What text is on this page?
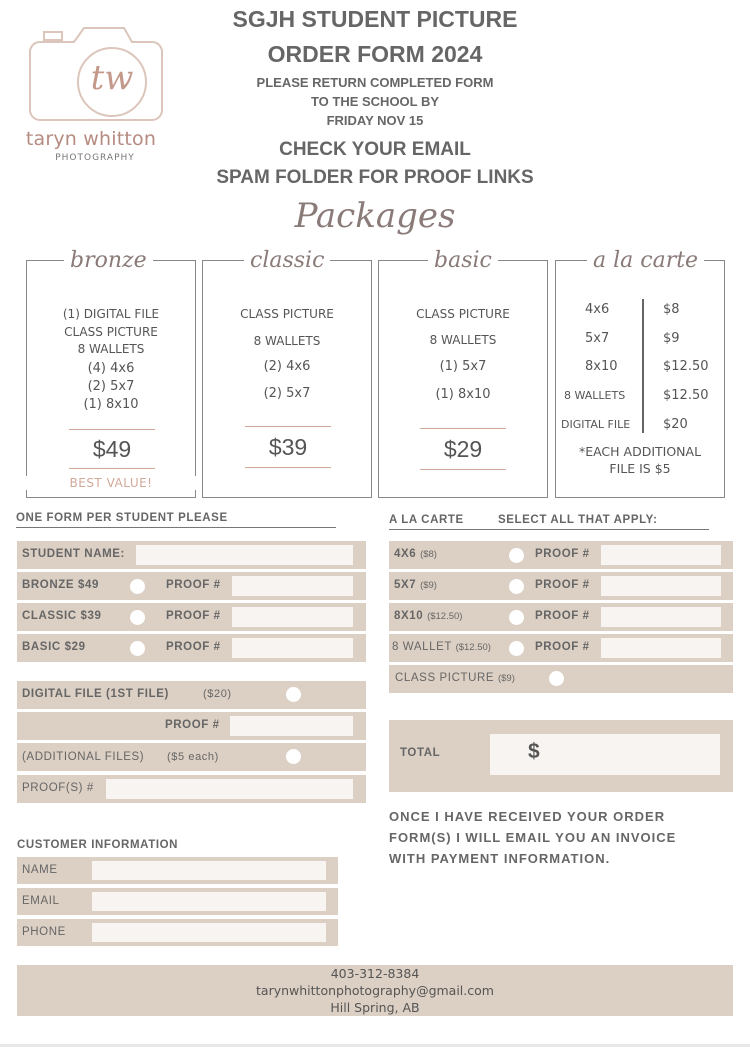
tw
taryn whitton
PHOTOGRAPHY
SGJH STUDENT PICTURE
ORDER FORM 2024
PLEASE RETURN COMPLETED FORM
TO THE SCHOOL BY
FRIDAY NOV 15
CHECK YOUR EMAIL
SPAM FOLDER FOR PROOF LINKS
Packages
bronze
(1) DIGITAL FILE
CLASS PICTURE
8 WALLETS
(4) 4x6
(2) 5x7
(1) 8x10
$49
BEST VALUE!
classic
CLASS PICTURE
8 WALLETS
(2) 4x6
(2) 5x7
$39
basic
CLASS PICTURE
8 WALLETS
(1) 5x7
(1) 8x10
$29
a la carte
4x6	$8
5x7	$9
8x10	$12.50
8 WALLETS	$12.50
DIGITAL FILE	$20
*EACH ADDITIONAL
FILE IS $5
ONE FORM PER STUDENT PLEASE
STUDENT NAME:
BRONZE $49	PROOF #
CLASSIC $39	PROOF #
BASIC $29	PROOF #
DIGITAL FILE (1ST FILE)	($20)
PROOF #
(ADDITIONAL FILES) ($5 each)
PROOF(S) #
A LA CARTE	SELECT ALL THAT APPLY:
4X6 ($8)	PROOF #
5X7 ($9)	PROOF #
8X10 ($12.50)	PROOF #
8 WALLET ($12.50)	PROOF #
CLASS PICTURE ($9)
TOTAL	$
ONCE I HAVE RECEIVED YOUR ORDER
FORM(S) I WILL EMAIL YOU AN INVOICE
WITH PAYMENT INFORMATION.
CUSTOMER INFORMATION
NAME
EMAIL
PHONE
403-312-8384
tarynwhittonphotography@gmail.com
Hill Spring, AB
